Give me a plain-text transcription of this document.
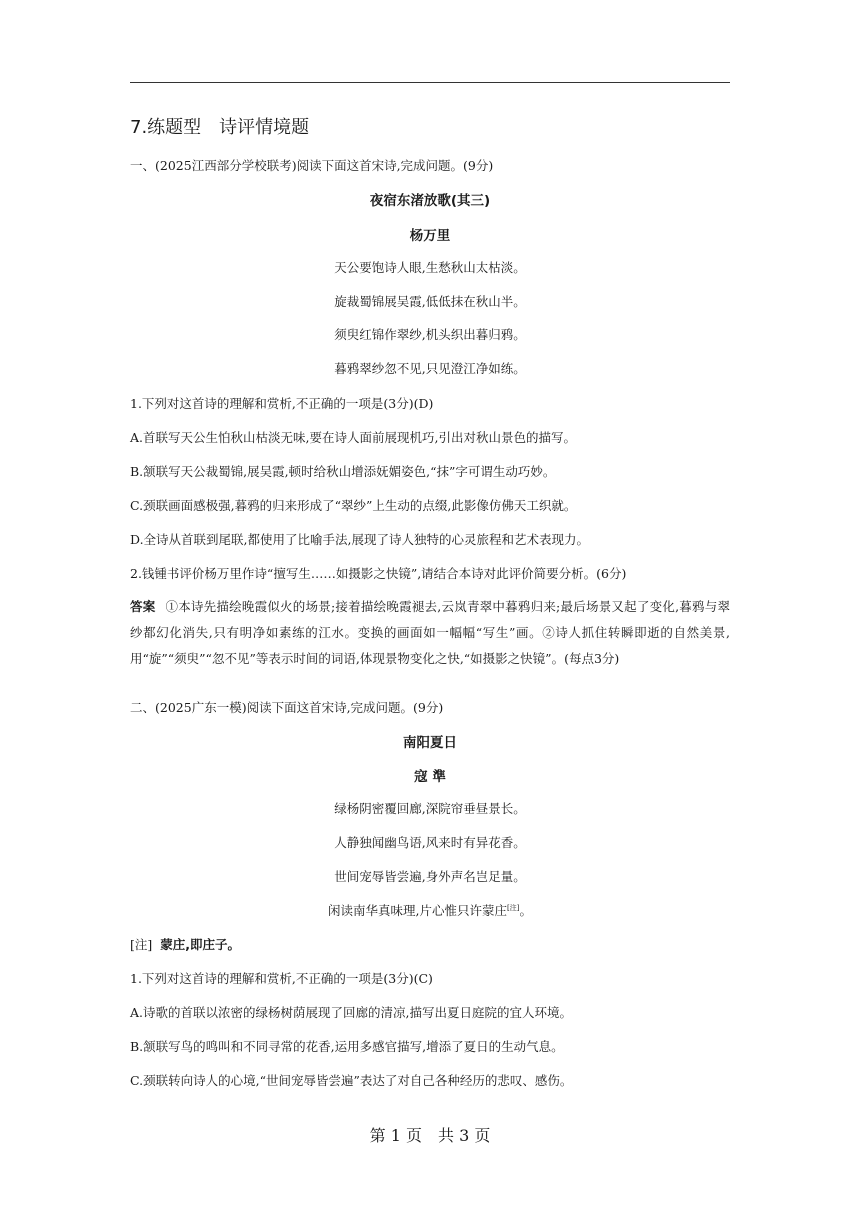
7.练题型　诗评情境题
一、(2025江西部分学校联考)阅读下面这首宋诗,完成问题。(9分)
夜宿东渚放歌(其三)
杨万里
天公要饱诗人眼,生愁秋山太枯淡。
旋裁蜀锦展吴霞,低低抹在秋山半。
须臾红锦作翠纱,机头织出暮归鸦。
暮鸦翠纱忽不见,只见澄江净如练。
1.下列对这首诗的理解和赏析,不正确的一项是(3分)(D)
A.首联写天公生怕秋山枯淡无味,要在诗人面前展现机巧,引出对秋山景色的描写。
B.颔联写天公裁蜀锦,展吴霞,顿时给秋山增添妩媚姿色,“抹”字可谓生动巧妙。
C.颈联画面感极强,暮鸦的归来形成了“翠纱”上生动的点缀,此影像仿佛天工织就。
D.全诗从首联到尾联,都使用了比喻手法,展现了诗人独特的心灵旅程和艺术表现力。
2.钱锺书评价杨万里作诗“擅写生……如摄影之快镜”,请结合本诗对此评价简要分析。(6分)
答案 ①本诗先描绘晚霞似火的场景;接着描绘晚霞褪去,云岚青翠中暮鸦归来;最后场景又起了变化,暮鸦与翠纱都幻化消失,只有明净如素练的江水。变换的画面如一幅幅“写生”画。②诗人抓住转瞬即逝的自然美景,用“旋”“须臾”“忽不见”等表示时间的词语,体现景物变化之快,“如摄影之快镜”。(每点3分)
二、(2025广东一模)阅读下面这首宋诗,完成问题。(9分)
南阳夏日
寇 準
绿杨阴密覆回廊,深院帘垂昼景长。
人静独闻幽鸟语,风来时有异花香。
世间宠辱皆尝遍,身外声名岂足量。
闲读南华真味理,片心惟只许蒙庄[注]。
[注] 蒙庄,即庄子。
1.下列对这首诗的理解和赏析,不正确的一项是(3分)(C)
A.诗歌的首联以浓密的绿杨树荫展现了回廊的清凉,描写出夏日庭院的宜人环境。
B.颔联写鸟的鸣叫和不同寻常的花香,运用多感官描写,增添了夏日的生动气息。
C.颈联转向诗人的心境,“世间宠辱皆尝遍”表达了对自己各种经历的悲叹、感伤。
第 1 页　共 3 页
